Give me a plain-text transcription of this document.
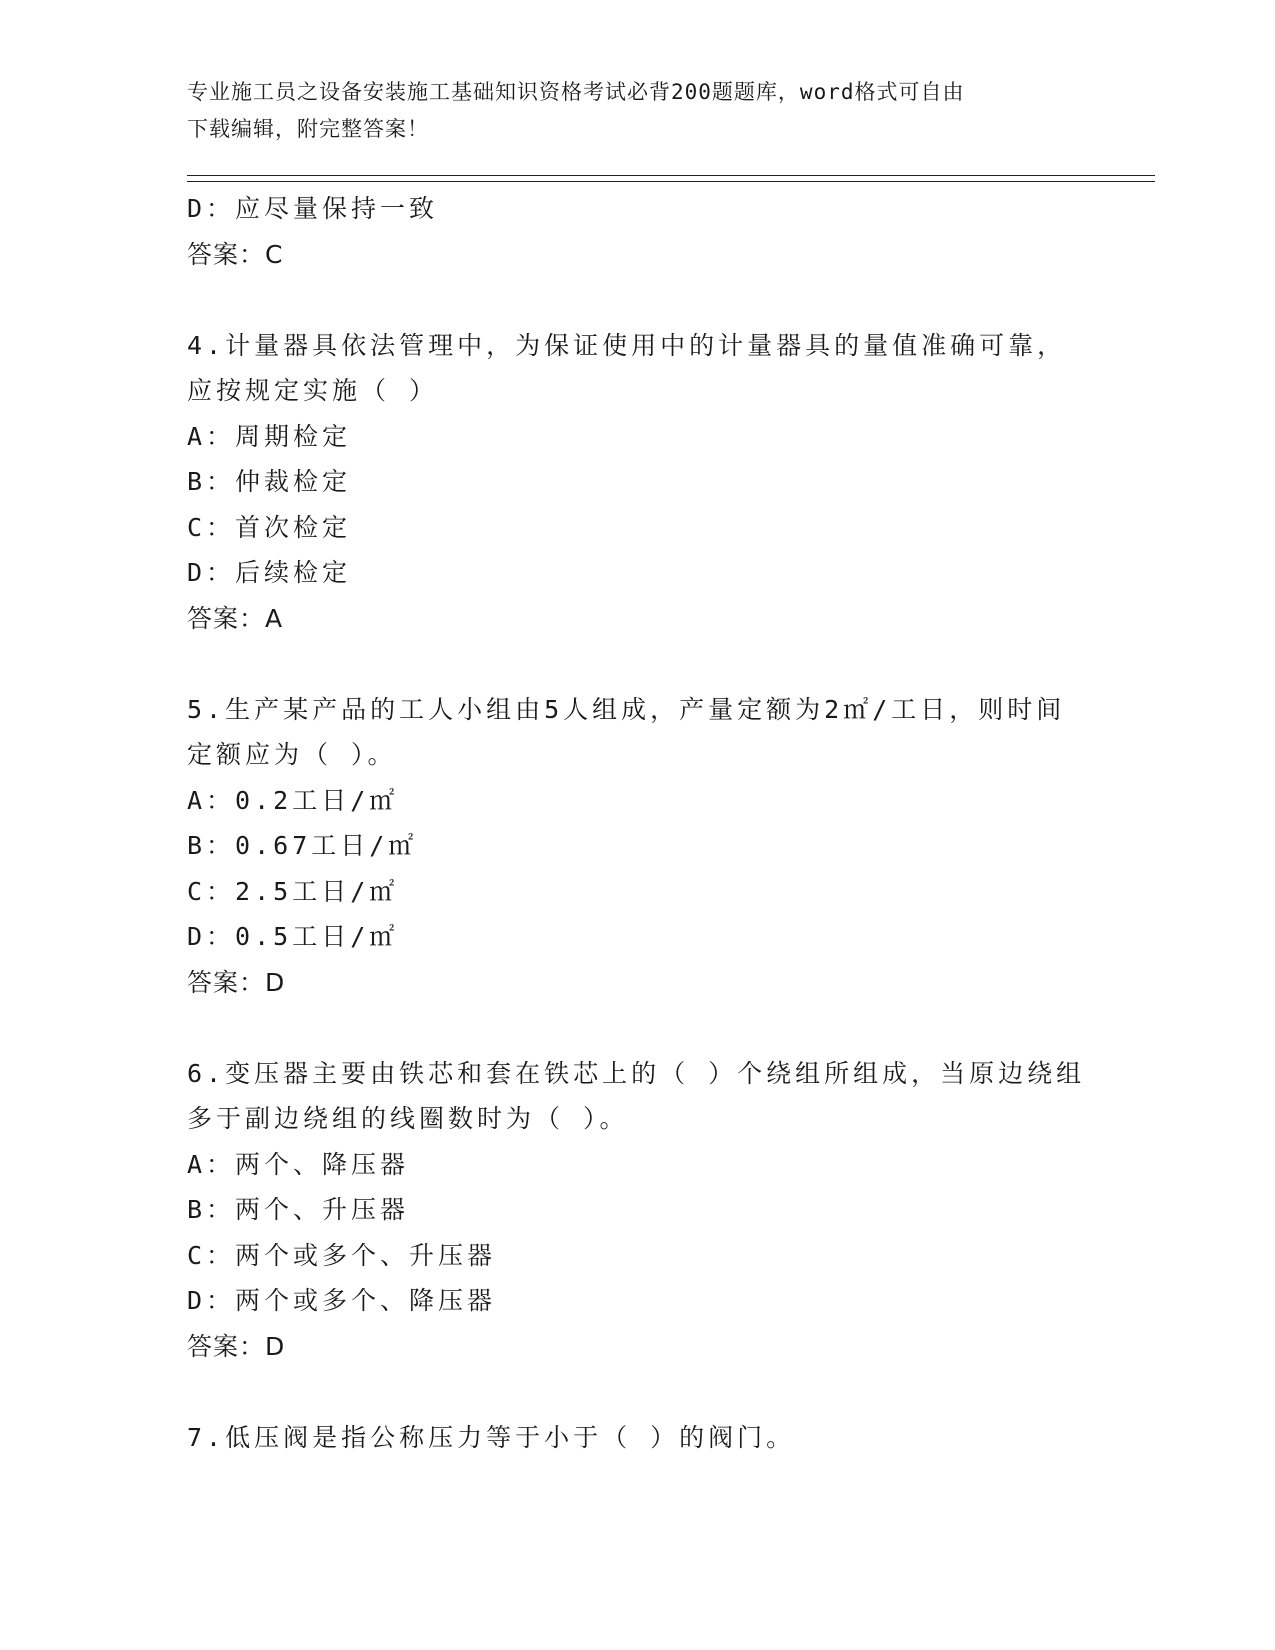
专业施工员之设备安装施工基础知识资格考试必背200题题库，word格式可自由
下载编辑，附完整答案！
D：应尽量保持一致
答案：C
4.计量器具依法管理中，为保证使用中的计量器具的量值准确可靠，
应按规定实施（ ）
A：周期检定
B：仲裁检定
C：首次检定
D：后续检定
答案：A
5.生产某产品的工人小组由5人组成，产量定额为2㎡/工日，则时间
定额应为（ ）。
A：0.2工日/㎡
B：0.67工日/㎡
C：2.5工日/㎡
D：0.5工日/㎡
答案：D
6.变压器主要由铁芯和套在铁芯上的（ ）个绕组所组成，当原边绕组
多于副边绕组的线圈数时为（ ）。
A：两个、降压器
B：两个、升压器
C：两个或多个、升压器
D：两个或多个、降压器
答案：D
7.低压阀是指公称压力等于小于（ ）的阀门。
